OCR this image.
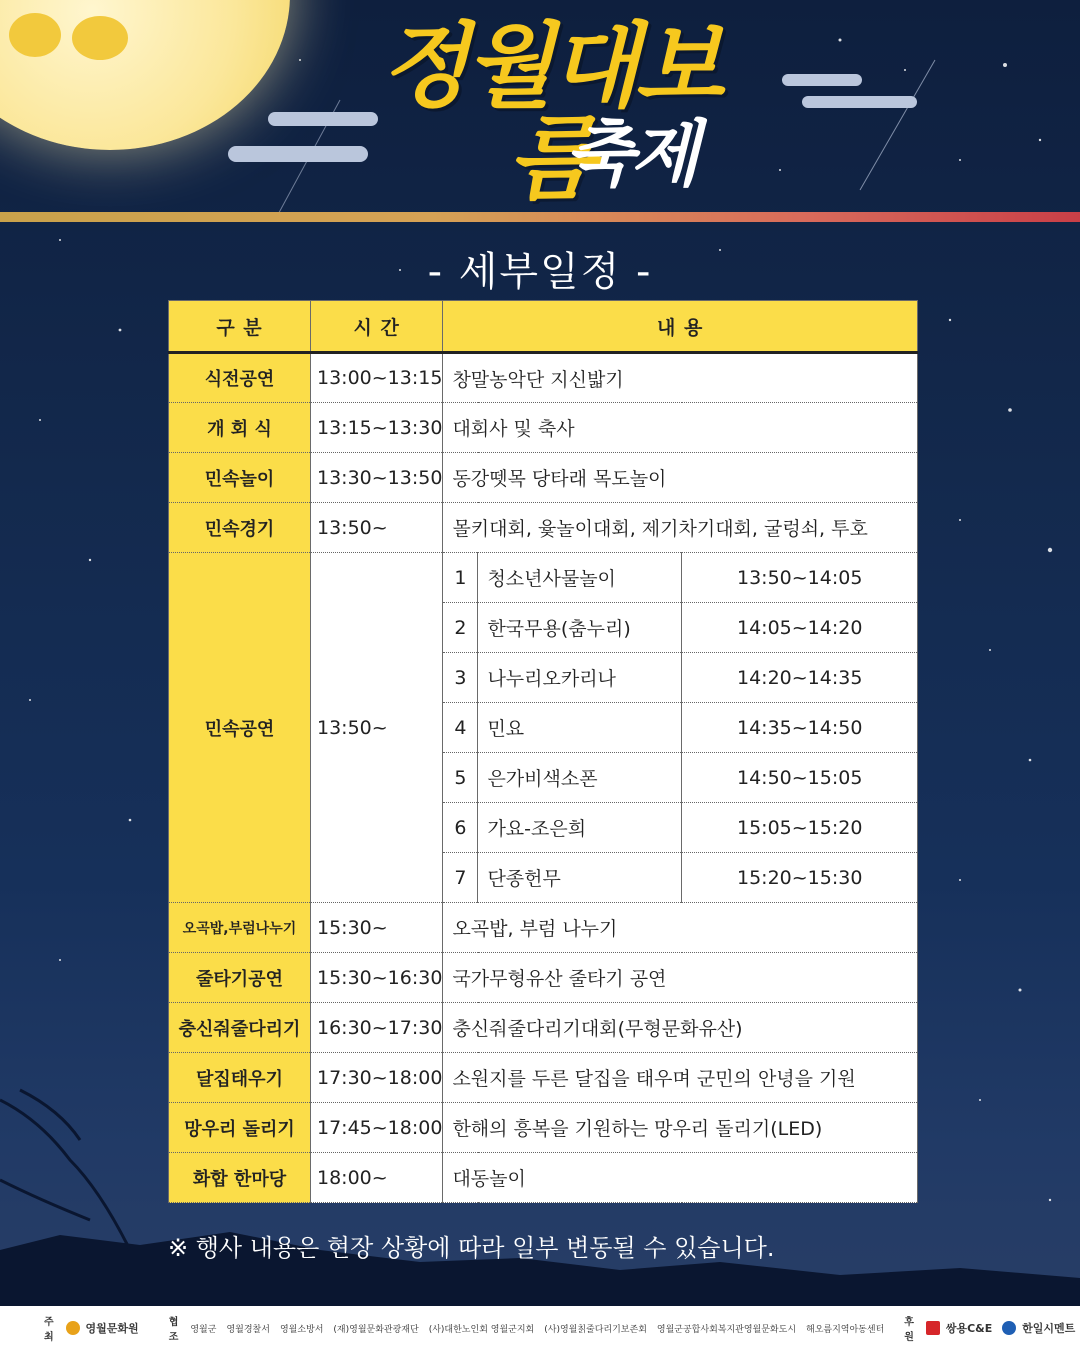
정월대보름
축제
- 세부일정 -
구 분	시 간	내 용		
식전공연	13:00~13:15	창말농악단 지신밟기		
개 회 식	13:15~13:30	대회사 및 축사		
민속놀이	13:30~13:50	동강뗏목 당타래 목도놀이		
민속경기	13:50~	몰키대회, 윷놀이대회, 제기차기대회, 굴렁쇠, 투호		
민속공연	13:50~	1	청소년사물놀이	13:50~14:05
		2	한국무용(춤누리)	14:05~14:20
		3	나누리오카리나	14:20~14:35
		4	민요	14:35~14:50
		5	은가비색소폰	14:50~15:05
		6	가요-조은희	15:05~15:20
		7	단종헌무	15:20~15:30
오곡밥,부럼나누기	15:30~	오곡밥, 부럼 나누기		
줄타기공연	15:30~16:30	국가무형유산 줄타기 공연		
충신줘줄다리기	16:30~17:30	충신줘줄다리기대회(무형문화유산)		
달집태우기	17:30~18:00	소원지를 두른 달집을 태우며 군민의 안녕을 기원		
망우리 돌리기	17:45~18:00	한해의 흥복을 기원하는 망우리 돌리기(LED)		
화합 한마당	18:00~	대동놀이		
※ 행사 내용은 현장 상황에 따라 일부 변동될 수 있습니다.
주최
영월문화원	협조
영월군 영월경찰서 영월소방서 (재)영월문화관광재단 (사)대한노인회 영월군지회 (사)영월칡줄다리기보존회 영월군공합사회복지관영월문화도시 해오름지역아동센터
후원
쌍용C&E	한일시멘트
